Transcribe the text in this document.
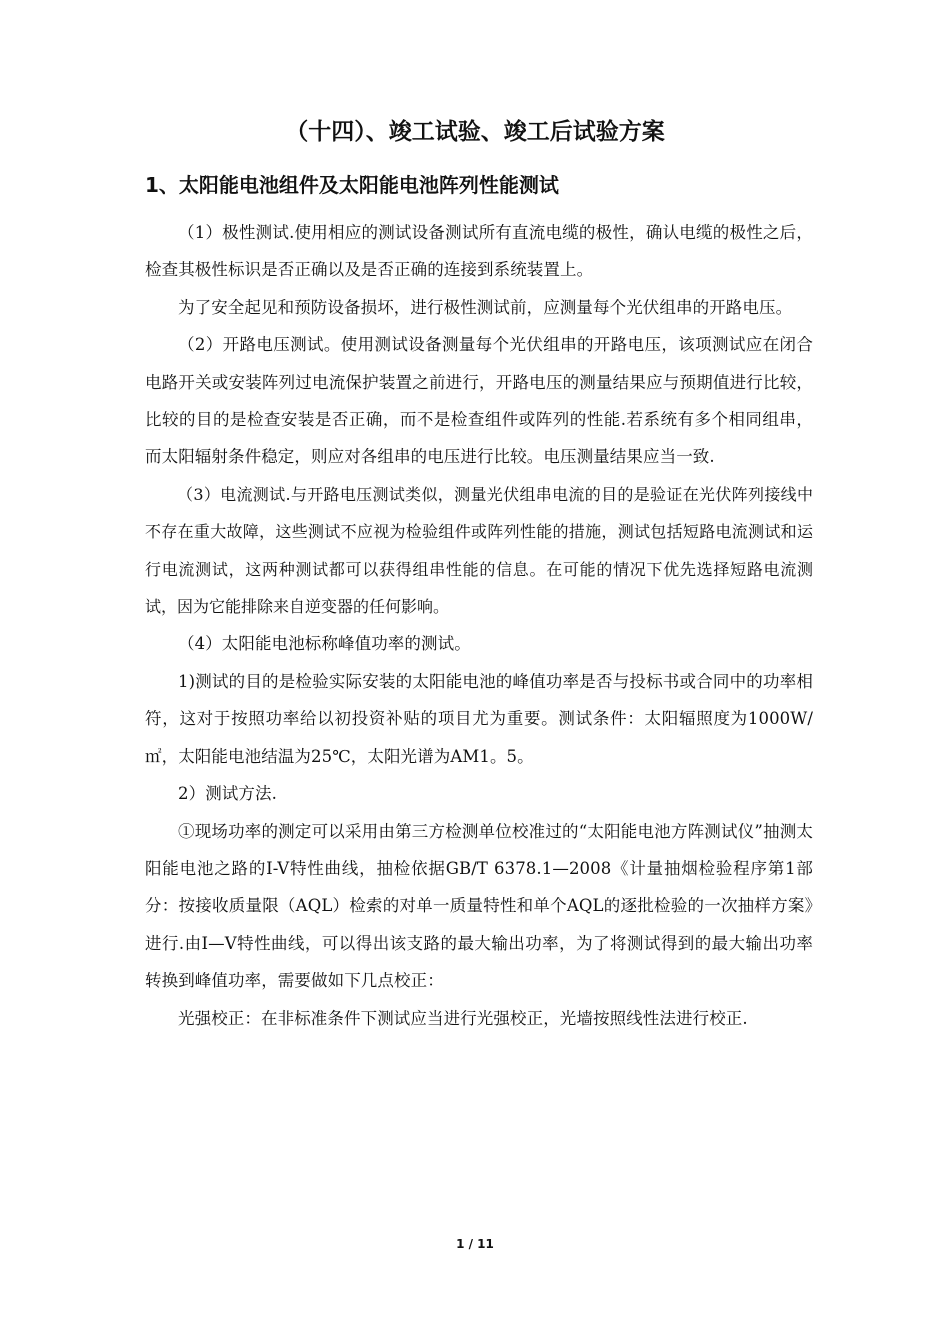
（十四）、竣工试验、竣工后试验方案
1、太阳能电池组件及太阳能电池阵列性能测试

（1）极性测试.使用相应的测试设备测试所有直流电缆的极性，确认电缆的极性之后，检查其极性标识是否正确以及是否正确的连接到系统装置上。

为了安全起见和预防设备损坏，进行极性测试前，应测量每个光伏组串的开路电压。

（2）开路电压测试。使用测试设备测量每个光伏组串的开路电压，该项测试应在闭合电路开关或安装阵列过电流保护装置之前进行，开路电压的测量结果应与预期值进行比较，比较的目的是检查安装是否正确，而不是检查组件或阵列的性能.若系统有多个相同组串，而太阳辐射条件稳定，则应对各组串的电压进行比较。电压测量结果应当一致.

（3）电流测试.与开路电压测试类似，测量光伏组串电流的目的是验证在光伏阵列接线中不存在重大故障，这些测试不应视为检验组件或阵列性能的措施，测试包括短路电流测试和运行电流测试，这两种测试都可以获得组串性能的信息。在可能的情况下优先选择短路电流测试，因为它能排除来自逆变器的任何影响。

（4）太阳能电池标称峰值功率的测试。

1)测试的目的是检验实际安装的太阳能电池的峰值功率是否与投标书或合同中的功率相符，这对于按照功率给以初投资补贴的项目尤为重要。测试条件：太阳辐照度为1000W/㎡，太阳能电池结温为25℃，太阳光谱为AM1。5。

2）测试方法.

①现场功率的测定可以采用由第三方检测单位校准过的“太阳能电池方阵测试仪”抽测太阳能电池之路的I-V特性曲线，抽检依据GB/T 6378.1—2008《计量抽烟检验程序第1部分：按接收质量限（AQL）检索的对单一质量特性和单个AQL的逐批检验的一次抽样方案》进行.由I—V特性曲线，可以得出该支路的最大输出功率，为了将测试得到的最大输出功率转换到峰值功率，需要做如下几点校正：

光强校正：在非标准条件下测试应当进行光强校正，光墙按照线性法进行校正.

1 / 11
